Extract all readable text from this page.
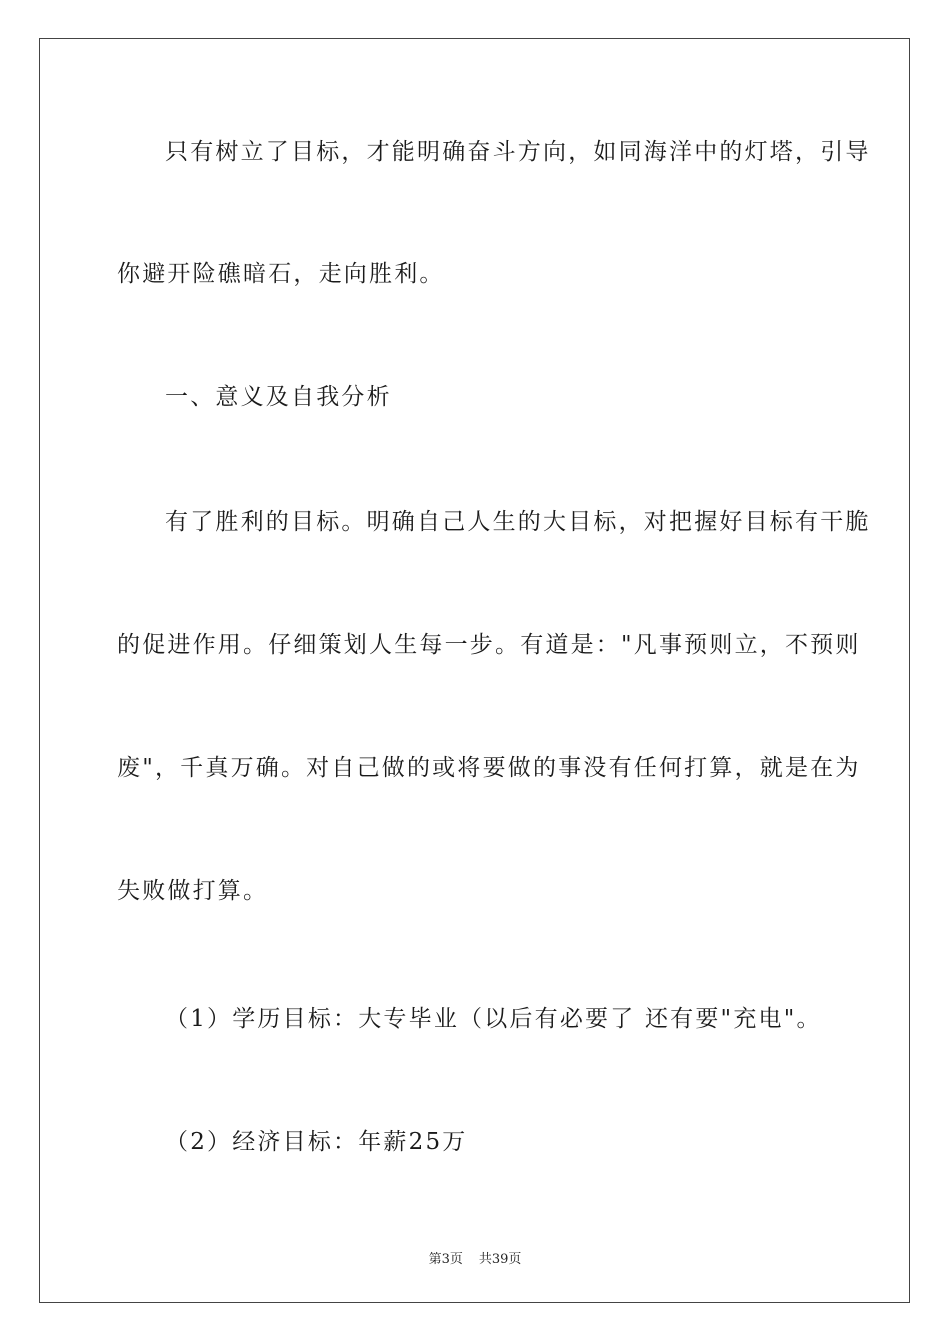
只有树立了目标，才能明确奋斗方向，如同海洋中的灯塔，引导
你避开险礁暗石，走向胜利。
一、意义及自我分析
有了胜利的目标。明确自己人生的大目标，对把握好目标有干脆
的促进作用。仔细策划人生每一步。有道是："凡事预则立，不预则
废"，千真万确。对自己做的或将要做的事没有任何打算，就是在为
失败做打算。
（1）学历目标：大专毕业（以后有必要了 还有要"充电"。
（2）经济目标：年薪25万
第3页 共39页
